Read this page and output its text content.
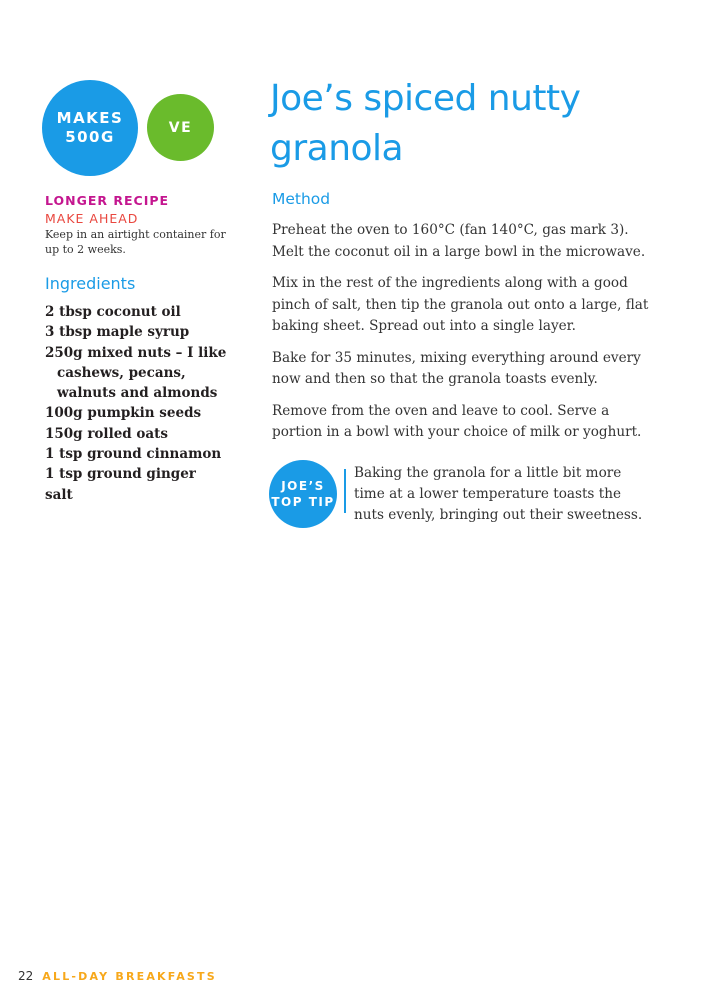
MAKES
500G
VE
LONGER RECIPE
MAKE AHEAD
Keep in an airtight container for up to 2 weeks.
Ingredients
2 tbsp coconut oil
3 tbsp maple syrup
250g mixed nuts – I like cashews, pecans, walnuts and almonds
100g pumpkin seeds
150g rolled oats
1 tsp ground cinnamon
1 tsp ground ginger
salt
Joe’s spiced nutty granola
Method

Preheat the oven to 160°C (fan 140°C, gas mark 3). Melt the coconut oil in a large bowl in the microwave.

Mix in the rest of the ingredients along with a good pinch of salt, then tip the granola out onto a large, flat baking sheet. Spread out into a single layer.

Bake for 35 minutes, mixing everything around every now and then so that the granola toasts evenly.

Remove from the oven and leave to cool. Serve a portion in a bowl with your choice of milk or yoghurt.

JOE’S
TOP TIP
Baking the granola for a little bit more time at a lower temperature toasts the nuts evenly, bringing out their sweetness.
22 ALL-DAY BREAKFASTS
